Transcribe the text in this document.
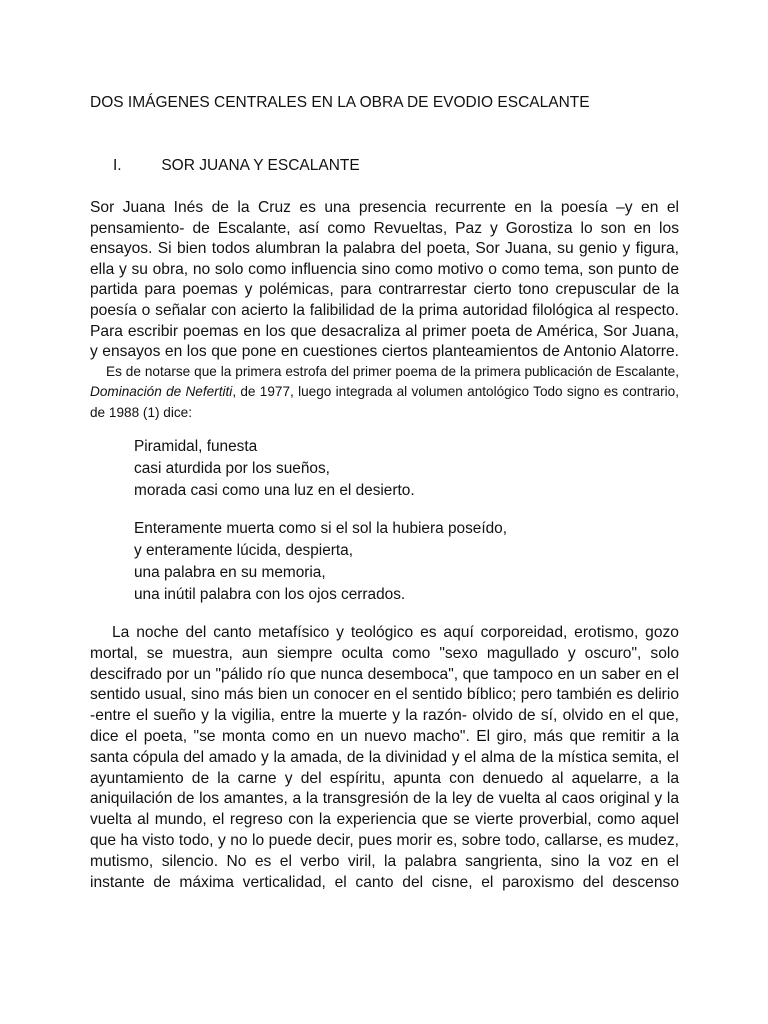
DOS IMÁGENES CENTRALES EN LA OBRA DE EVODIO ESCALANTE
I.	SOR JUANA Y ESCALANTE
Sor Juana Inés de la Cruz es una presencia recurrente en la poesía –y en el pensamiento- de Escalante, así como Revueltas, Paz y Gorostiza lo son en los ensayos. Si bien todos alumbran la palabra del poeta, Sor Juana, su genio y figura, ella y su obra, no solo como influencia sino como motivo o como tema, son punto de partida para poemas y polémicas, para contrarrestar cierto tono crepuscular de la poesía o señalar con acierto la falibilidad de la prima autoridad filológica al respecto. Para escribir poemas en los que desacraliza al primer poeta de América, Sor Juana, y ensayos en los que pone en cuestiones ciertos planteamientos de Antonio Alatorre.
Es de notarse que la primera estrofa del primer poema de la primera publicación de Escalante, Dominación de Nefertiti, de 1977, luego integrada al volumen antológico Todo signo es contrario, de 1988 (1) dice:
Piramidal, funesta
casi aturdida por los sueños,
morada casi como una luz en el desierto.
Enteramente muerta como si el sol la hubiera poseído,
y enteramente lúcida, despierta,
una palabra en su memoria,
una inútil palabra con los ojos cerrados.
La noche del canto metafísico y teológico es aquí corporeidad, erotismo, gozo mortal, se muestra, aun siempre oculta como "sexo magullado y oscuro", solo descifrado por un "pálido río que nunca desemboca", que tampoco en un saber en el sentido usual, sino más bien un conocer en el sentido bíblico; pero también es delirio -entre el sueño y la vigilia, entre la muerte y la razón- olvido de sí, olvido en el que, dice el poeta, "se monta como en un nuevo macho". El giro, más que remitir a la santa cópula del amado y la amada, de la divinidad y el alma de la mística semita, el ayuntamiento de la carne y del espíritu, apunta con denuedo al aquelarre, a la aniquilación de los amantes, a la transgresión de la ley de vuelta al caos original y la vuelta al mundo, el regreso con la experiencia que se vierte proverbial, como aquel que ha visto todo, y no lo puede decir, pues morir es, sobre todo, callarse, es mudez, mutismo, silencio. No es el verbo viril, la palabra sangrienta, sino la voz en el instante de máxima verticalidad, el canto del cisne, el paroxismo del descenso
